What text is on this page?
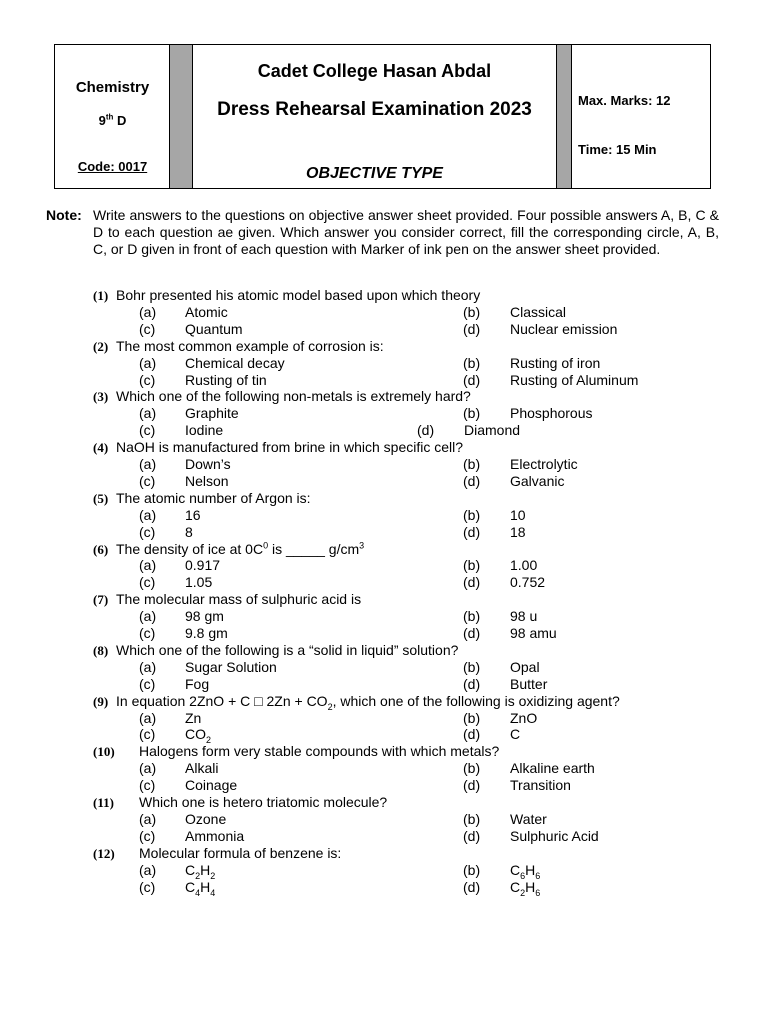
Chemistry
9th D
Code: 0017
Cadet College Hasan Abdal
Dress Rehearsal Examination 2023
OBJECTIVE TYPE
Max. Marks: 12
Time: 15 Min
Note: Write answers to the questions on objective answer sheet provided. Four possible answers A, B, C & D to each question ae given. Which answer you consider correct, fill the corresponding circle, A, B, C, or D given in front of each question with Marker of ink pen on the answer sheet provided.
(1) Bohr presented his atomic model based upon which theory
(a) Atomic	(b) Classical
(c) Quantum	(d) Nuclear emission
(2) The most common example of corrosion is:
(a) Chemical decay	(b) Rusting of iron
(c) Rusting of tin	(d) Rusting of Aluminum
(3) Which one of the following non-metals is extremely hard?
(a) Graphite	(b) Phosphorous
(c) Iodine	(d) Diamond
(4) NaOH is manufactured from brine in which specific cell?
(a) Down’s	(b) Electrolytic
(c) Nelson	(d) Galvanic
(5) The atomic number of Argon is:
(a) 16	(b) 10
(c) 8	(d) 18
(6) The density of ice at $0C^0$ is _____ $g/cm^3$
(a) 0.917	(b) 1.00
(c) 1.05	(d) 0.752
(7) The molecular mass of sulphuric acid is
(a) 98 gm	(b) 98 u
(c) 9.8 gm	(d) 98 amu
(8) Which one of the following is a “solid in liquid” solution?
(a) Sugar Solution	(b) Opal
(c) Fog	(d) Butter
(9) In equation 2ZnO + C □ $2Zn + CO_2$, which one of the following is oxidizing agent?
(a) Zn	(b) ZnO
(c) $CO_2$	(d) C
(10) Halogens form very stable compounds with which metals?
(a) Alkali	(b) Alkaline earth
(c) Coinage	(d) Transition
(11) Which one is hetero triatomic molecule?
(a) Ozone	(b) Water
(c) Ammonia	(d) Sulphuric Acid
(12) Molecular formula of benzene is:
(a) $C_2H_2$	(b) $C_6H_6$
(c) $C_4H_4$	(d) $C_2H_6$
